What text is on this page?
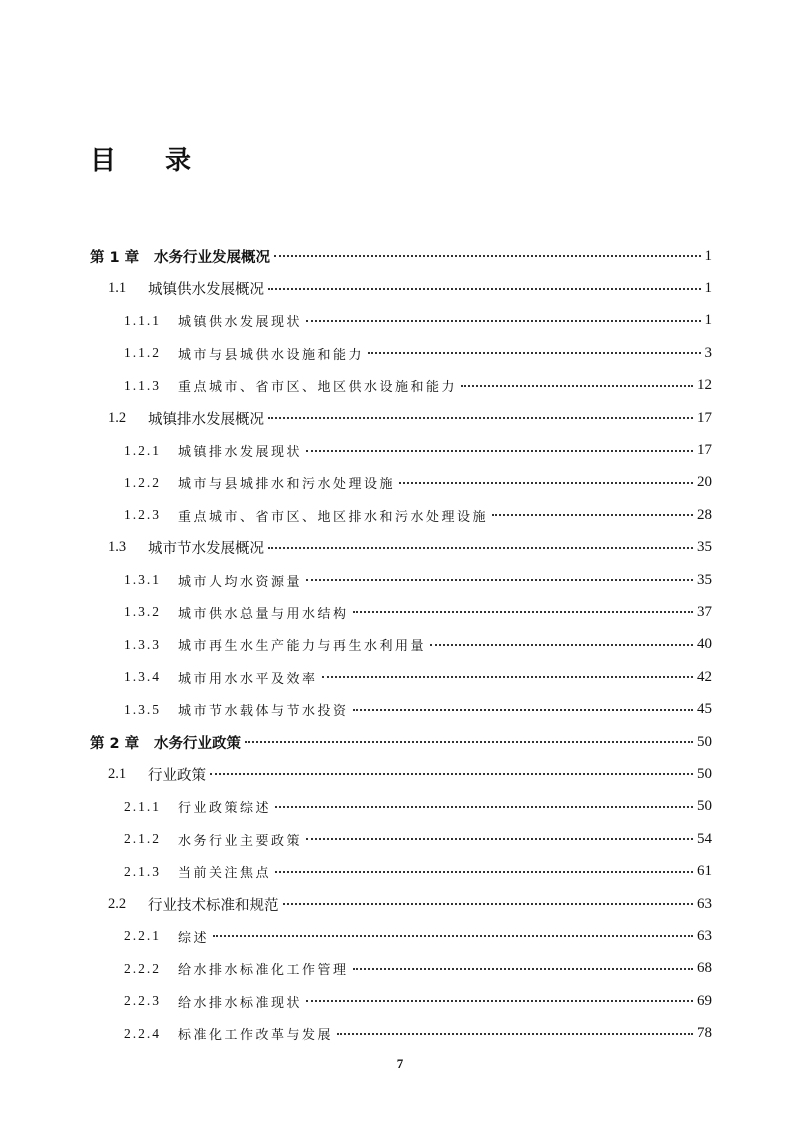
目 录
第 1 章	水务行业发展概况	1
1.1	城镇供水发展概况	1
1.1.1	城镇供水发展现状	1
1.1.2	城市与县城供水设施和能力	3
1.1.3	重点城市、省市区、地区供水设施和能力	12
1.2	城镇排水发展概况	17
1.2.1	城镇排水发展现状	17
1.2.2	城市与县城排水和污水处理设施	20
1.2.3	重点城市、省市区、地区排水和污水处理设施	28
1.3	城市节水发展概况	35
1.3.1	城市人均水资源量	35
1.3.2	城市供水总量与用水结构	37
1.3.3	城市再生水生产能力与再生水利用量	40
1.3.4	城市用水水平及效率	42
1.3.5	城市节水载体与节水投资	45
第 2 章	水务行业政策	50
2.1	行业政策	50
2.1.1	行业政策综述	50
2.1.2	水务行业主要政策	54
2.1.3	当前关注焦点	61
2.2	行业技术标准和规范	63
2.2.1	综述	63
2.2.2	给水排水标准化工作管理	68
2.2.3	给水排水标准现状	69
2.2.4	标准化工作改革与发展	78
7
